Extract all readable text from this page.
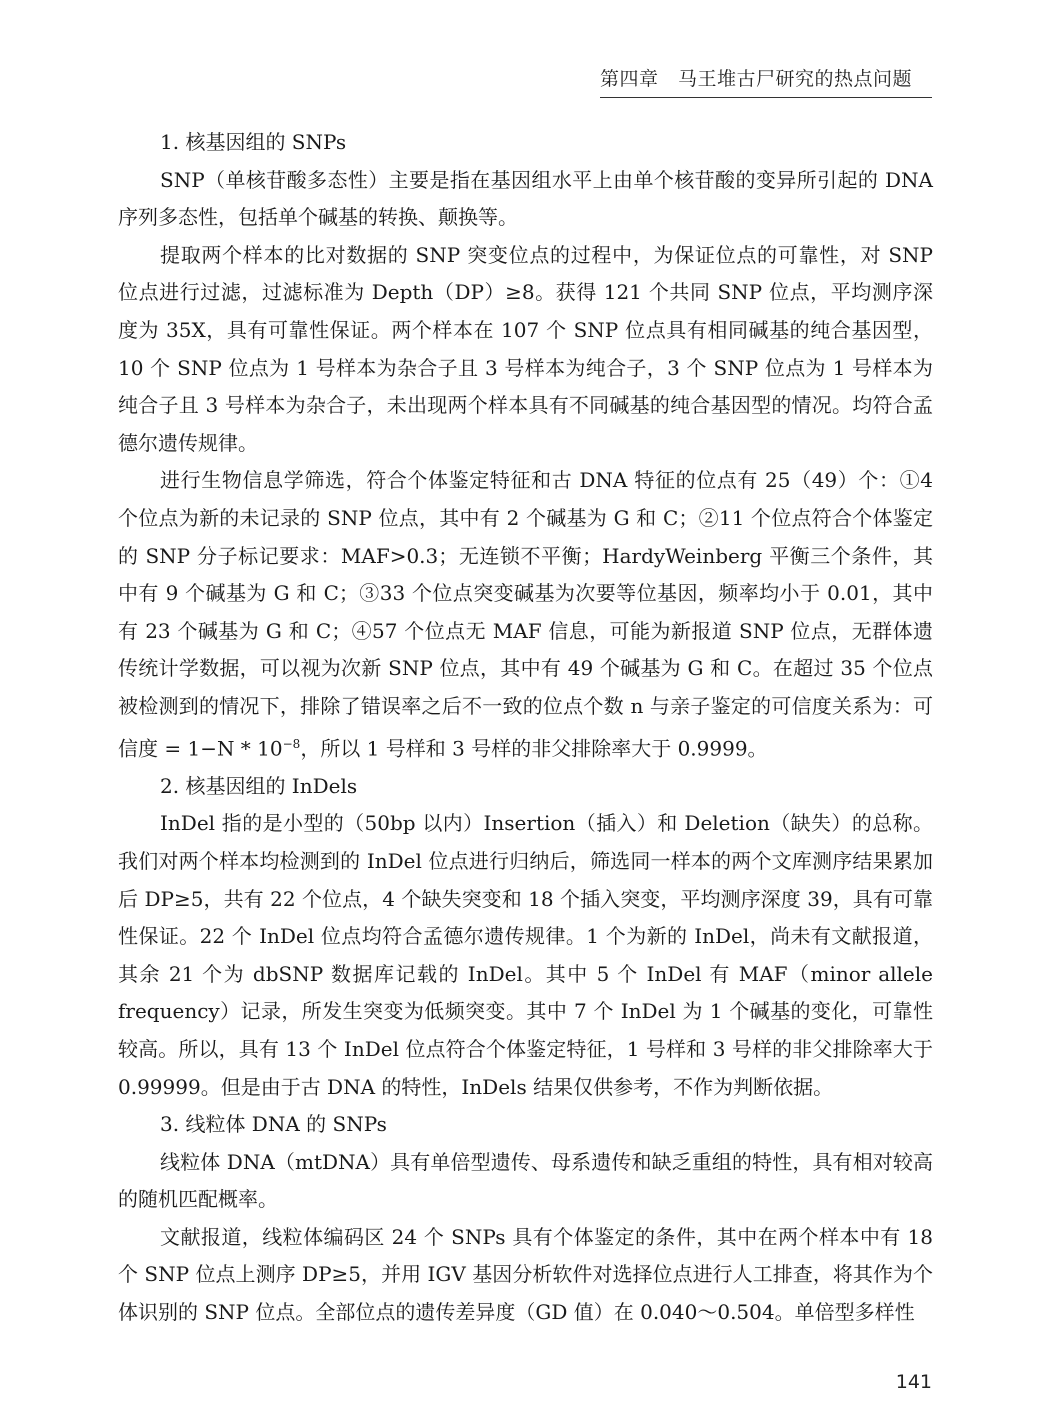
第四章　马王堆古尸研究的热点问题

1. 核基因组的 SNPs

SNP（单核苷酸多态性）主要是指在基因组水平上由单个核苷酸的变异所引起的 DNA 序列多态性，包括单个碱基的转换、颠换等。

提取两个样本的比对数据的 SNP 突变位点的过程中，为保证位点的可靠性，对 SNP 位点进行过滤，过滤标准为 Depth（DP）≥8。获得 121 个共同 SNP 位点，平均测序深度为 35X，具有可靠性保证。两个样本在 107 个 SNP 位点具有相同碱基的纯合基因型，10 个 SNP 位点为 1 号样本为杂合子且 3 号样本为纯合子，3 个 SNP 位点为 1 号样本为纯合子且 3 号样本为杂合子，未出现两个样本具有不同碱基的纯合基因型的情况。均符合孟德尔遗传规律。

进行生物信息学筛选，符合个体鉴定特征和古 DNA 特征的位点有 25（49）个：①4 个位点为新的未记录的 SNP 位点，其中有 2 个碱基为 G 和 C；②11 个位点符合个体鉴定的 SNP 分子标记要求：MAF>0.3；无连锁不平衡；HardyWeinberg 平衡三个条件，其中有 9 个碱基为 G 和 C；③33 个位点突变碱基为次要等位基因，频率均小于 0.01，其中有 23 个碱基为 G 和 C；④57 个位点无 MAF 信息，可能为新报道 SNP 位点，无群体遗传统计学数据，可以视为次新 SNP 位点，其中有 49 个碱基为 G 和 C。在超过 35 个位点被检测到的情况下，排除了错误率之后不一致的位点个数 n 与亲子鉴定的可信度关系为：可信度 = $1-N * 10^{-8}$，所以 1 号样和 3 号样的非父排除率大于 0.9999。

2. 核基因组的 InDels

InDel 指的是小型的（50bp 以内）Insertion（插入）和 Deletion（缺失）的总称。我们对两个样本均检测到的 InDel 位点进行归纳后，筛选同一样本的两个文库测序结果累加后 DP≥5，共有 22 个位点，4 个缺失突变和 18 个插入突变，平均测序深度 39，具有可靠性保证。22 个 InDel 位点均符合孟德尔遗传规律。1 个为新的 InDel，尚未有文献报道，其余 21 个为 dbSNP 数据库记载的 InDel。其中 5 个 InDel 有 MAF（minor allele frequency）记录，所发生突变为低频突变。其中 7 个 InDel 为 1 个碱基的变化，可靠性较高。所以，具有 13 个 InDel 位点符合个体鉴定特征，1 号样和 3 号样的非父排除率大于 0.99999。但是由于古 DNA 的特性，InDels 结果仅供参考，不作为判断依据。

3. 线粒体 DNA 的 SNPs

线粒体 DNA（mtDNA）具有单倍型遗传、母系遗传和缺乏重组的特性，具有相对较高的随机匹配概率。

文献报道，线粒体编码区 24 个 SNPs 具有个体鉴定的条件，其中在两个样本中有 18 个 SNP 位点上测序 DP≥5，并用 IGV 基因分析软件对选择位点进行人工排查，将其作为个体识别的 SNP 位点。全部位点的遗传差异度（GD 值）在 0.040～0.504。单倍型多样性

141
